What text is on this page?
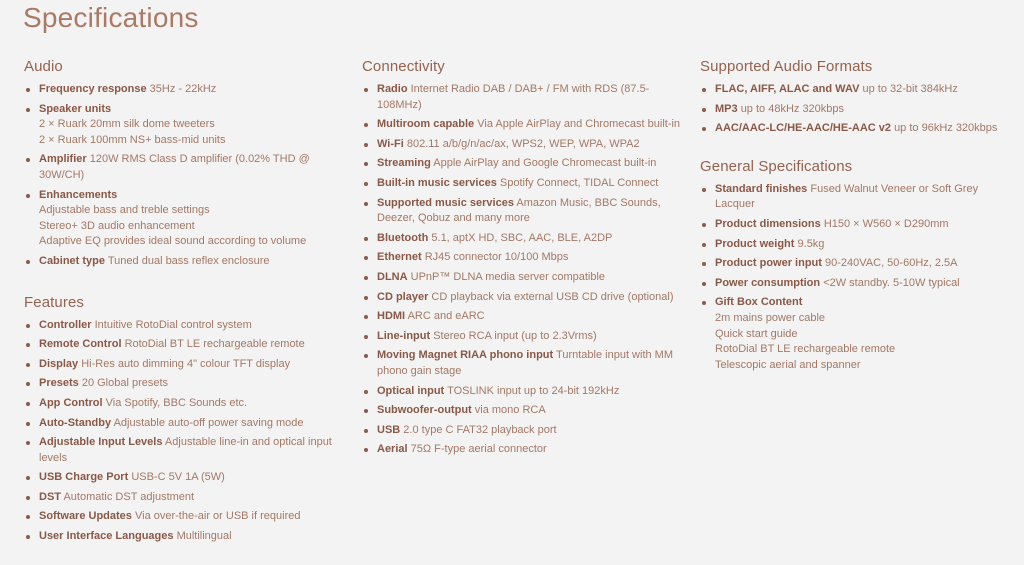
Specifications
Audio
Frequency response 35Hz - 22kHz
Speaker units
2 × Ruark 20mm silk dome tweeters
2 × Ruark 100mm NS+ bass-mid units
Amplifier 120W RMS Class D amplifier (0.02% THD @ 30W/CH)
Enhancements
Adjustable bass and treble settings
Stereo+ 3D audio enhancement
Adaptive EQ provides ideal sound according to volume
Cabinet type Tuned dual bass reflex enclosure
Features
Controller Intuitive RotoDial control system
Remote Control RotoDial BT LE rechargeable remote
Display Hi-Res auto dimming 4" colour TFT display
Presets 20 Global presets
App Control Via Spotify, BBC Sounds etc.
Auto-Standby Adjustable auto-off power saving mode
Adjustable Input Levels Adjustable line-in and optical input levels
USB Charge Port USB-C 5V 1A (5W)
DST Automatic DST adjustment
Software Updates Via over-the-air or USB if required
User Interface Languages Multilingual
Connectivity
Radio Internet Radio DAB / DAB+ / FM with RDS (87.5-108MHz)
Multiroom capable Via Apple AirPlay and Chromecast built-in
Wi-Fi 802.11 a/b/g/n/ac/ax, WPS2, WEP, WPA, WPA2
Streaming Apple AirPlay and Google Chromecast built-in
Built-in music services Spotify Connect, TIDAL Connect
Supported music services Amazon Music, BBC Sounds, Deezer, Qobuz and many more
Bluetooth 5.1, aptX HD, SBC, AAC, BLE, A2DP
Ethernet RJ45 connector 10/100 Mbps
DLNA UPnP™ DLNA media server compatible
CD player CD playback via external USB CD drive (optional)
HDMI ARC and eARC
Line-input Stereo RCA input (up to 2.3Vrms)
Moving Magnet RIAA phono input Turntable input with MM phono gain stage
Optical input TOSLINK input up to 24-bit 192kHz
Subwoofer-output via mono RCA
USB 2.0 type C FAT32 playback port
Aerial 75Ω F-type aerial connector
Supported Audio Formats
FLAC, AIFF, ALAC and WAV up to 32-bit 384kHz
MP3 up to 48kHz 320kbps
AAC/AAC-LC/HE-AAC/HE-AAC v2 up to 96kHz 320kbps
General Specifications
Standard finishes Fused Walnut Veneer or Soft Grey Lacquer
Product dimensions H150 × W560 × D290mm
Product weight 9.5kg
Product power input 90-240VAC, 50-60Hz, 2.5A
Power consumption <2W standby. 5-10W typical
Gift Box Content
2m mains power cable
Quick start guide
RotoDial BT LE rechargeable remote
Telescopic aerial and spanner
